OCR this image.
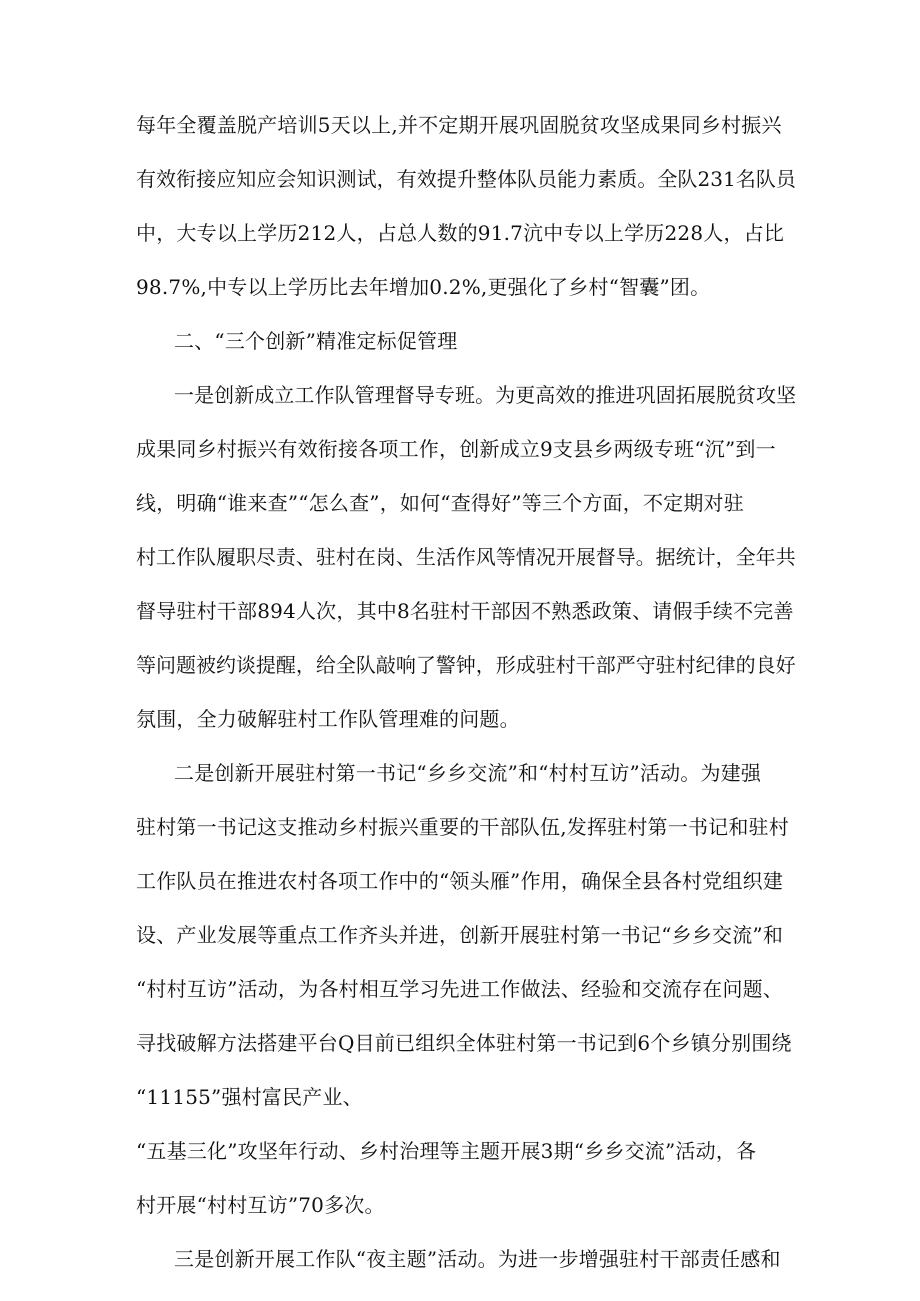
每年全覆盖脱产培训5天以上,并不定期开展巩固脱贫攻坚成果同乡村振兴
有效衔接应知应会知识测试，有效提升整体队员能力素质。全队231名队员
中，大专以上学历212人，占总人数的91.7沆中专以上学历228人，占比
98.7%,中专以上学历比去年增加0.2%,更强化了乡村“智囊”团。
二、“三个创新”精准定标促管理
一是创新成立工作队管理督导专班。为更高效的推进巩固拓展脱贫攻坚
成果同乡村振兴有效衔接各项工作，创新成立9支县乡两级专班“沉”到一
线，明确“谁来查”“怎么查”，如何“查得好”等三个方面，不定期对驻
村工作队履职尽责、驻村在岗、生活作风等情况开展督导。据统计，全年共
督导驻村干部894人次，其中8名驻村干部因不熟悉政策、请假手续不完善
等问题被约谈提醒，给全队敲响了警钟，形成驻村干部严守驻村纪律的良好
氛围，全力破解驻村工作队管理难的问题。
二是创新开展驻村第一书记“乡乡交流”和“村村互访”活动。为建强
驻村第一书记这支推动乡村振兴重要的干部队伍,发挥驻村第一书记和驻村
工作队员在推进农村各项工作中的“领头雁”作用，确保全县各村党组织建
设、产业发展等重点工作齐头并进，创新开展驻村第一书记“乡乡交流”和
“村村互访”活动，为各村相互学习先进工作做法、经验和交流存在问题、
寻找破解方法搭建平台Q目前已组织全体驻村第一书记到6个乡镇分别围绕
“11155”强村富民产业、
“五基三化”攻坚年行动、乡村治理等主题开展3期“乡乡交流”活动，各
村开展“村村互访”70多次。
三是创新开展工作队“夜主题”活动。为进一步增强驻村干部责任感和
